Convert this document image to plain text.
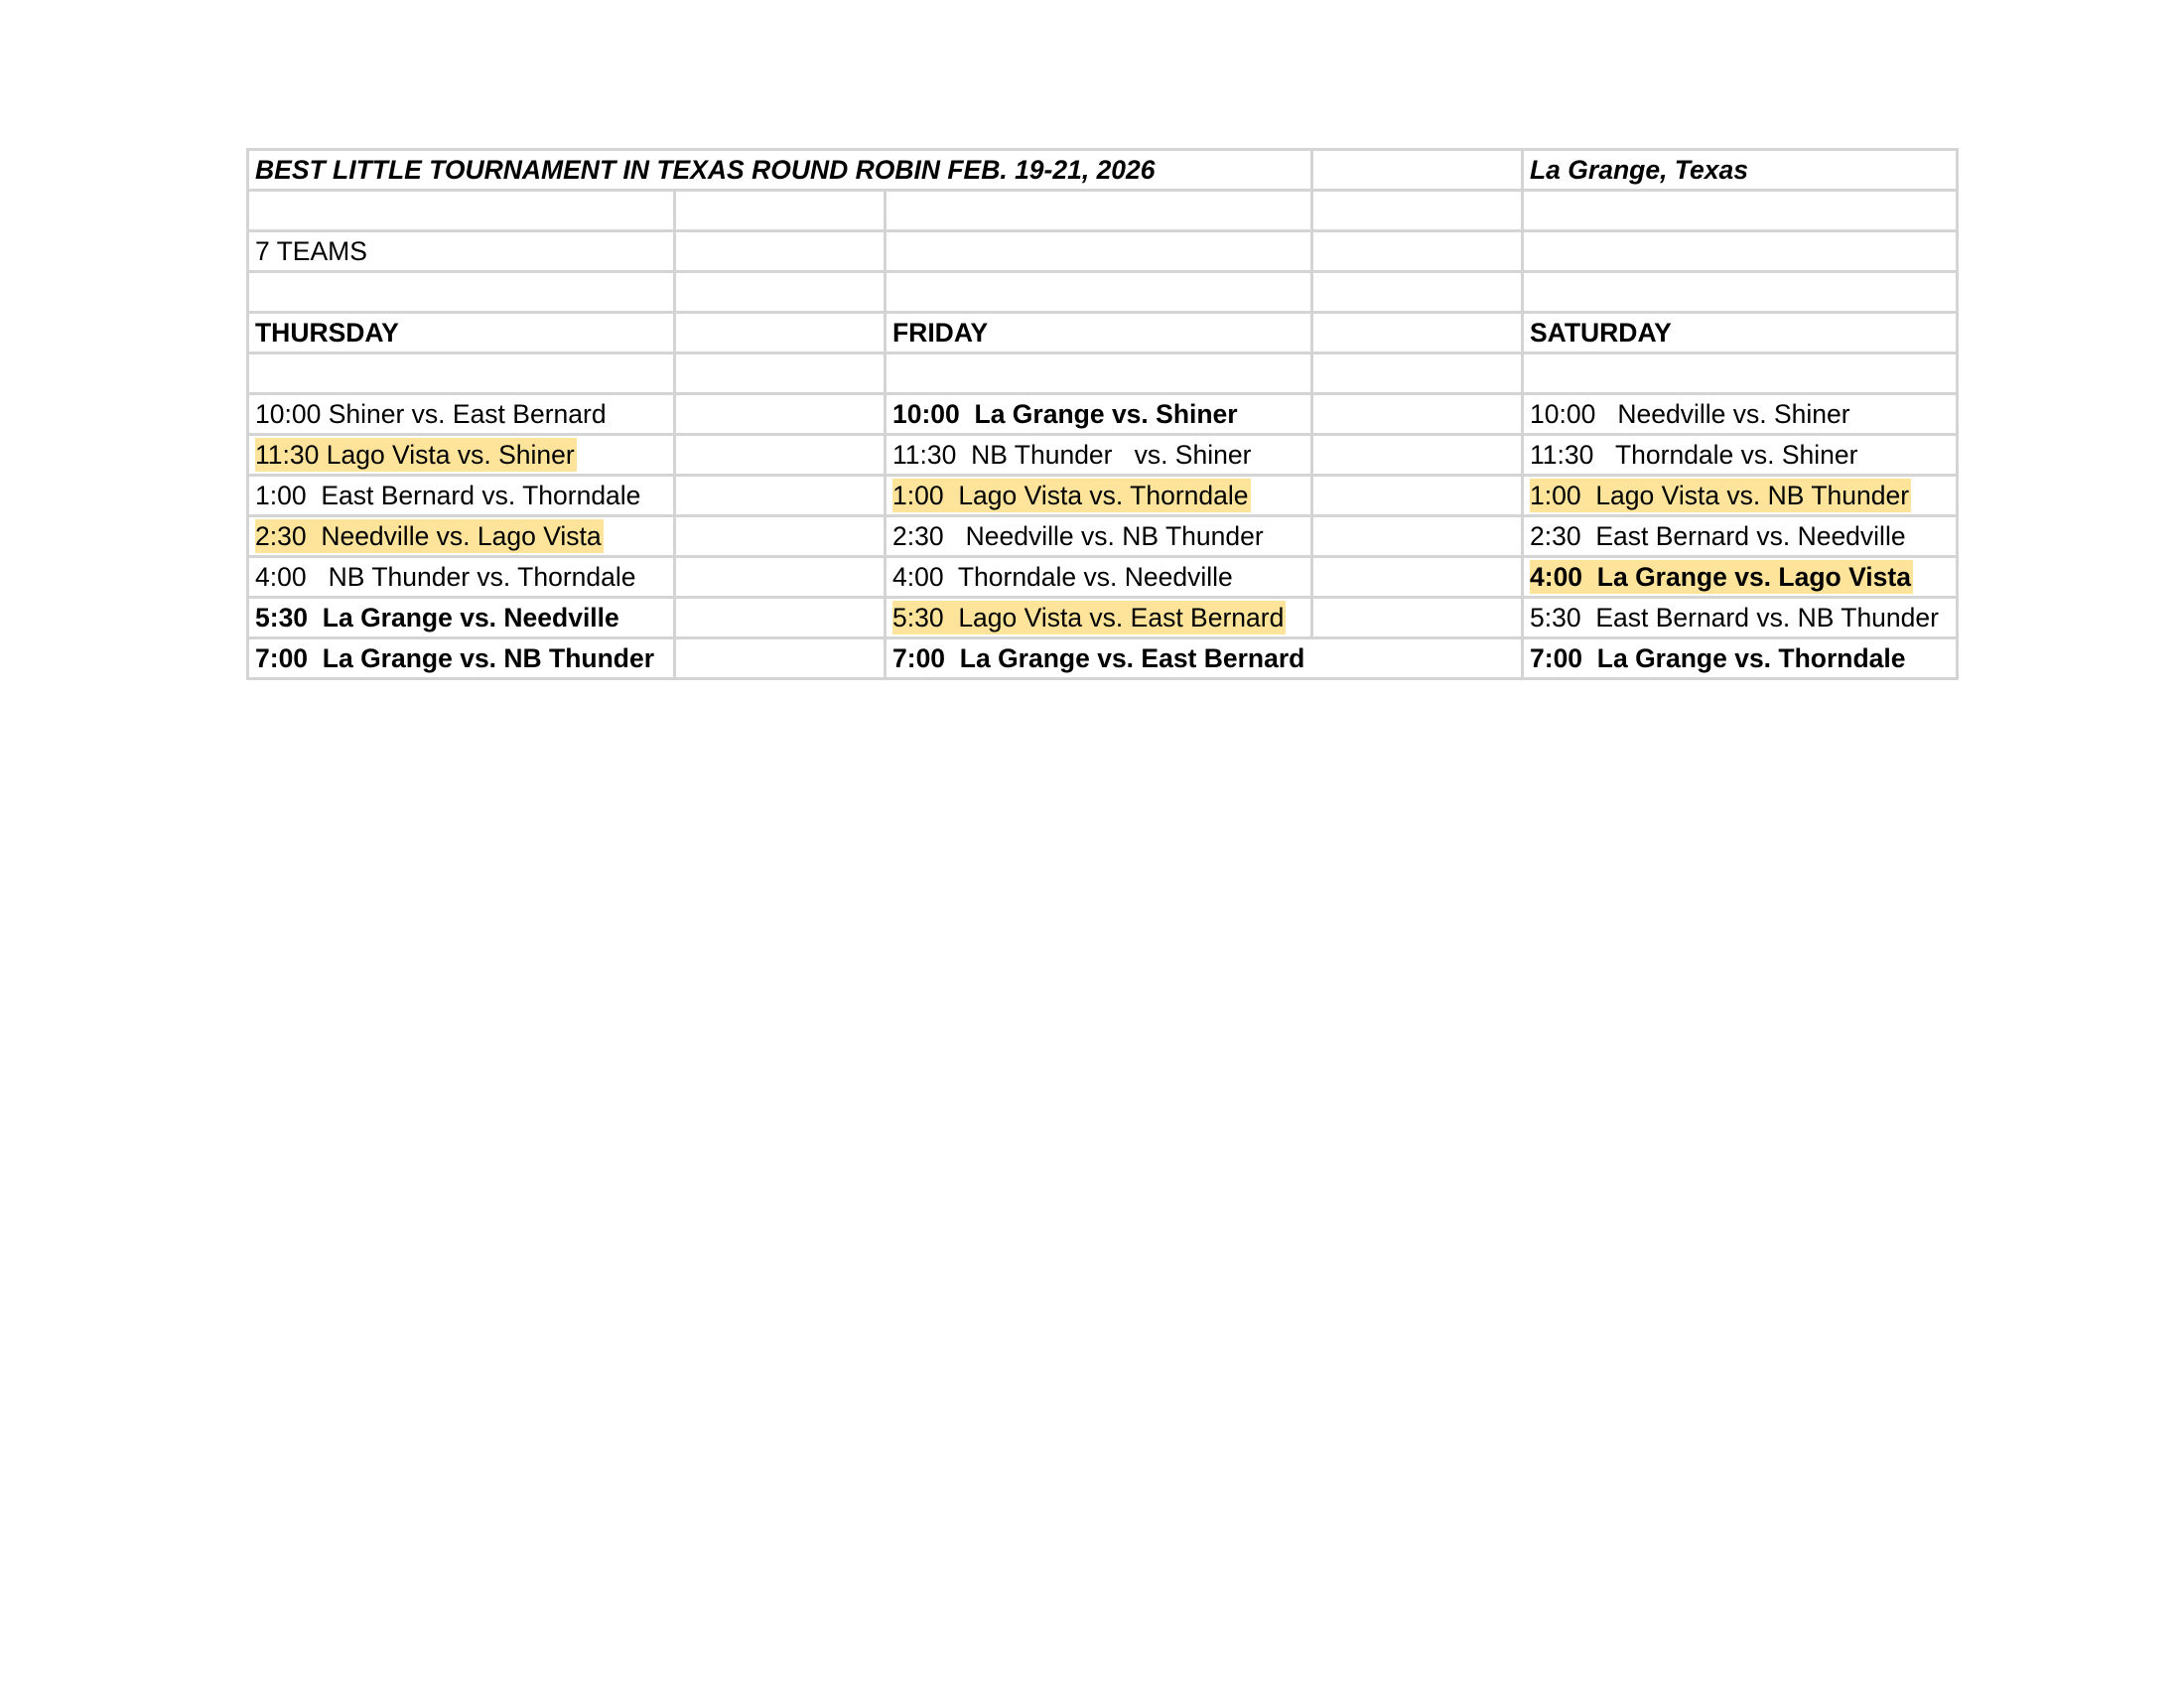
BEST LITTLE TOURNAMENT IN TEXAS ROUND ROBIN FEB. 19-21, 2026				La Grange, Texas

7 TEAMS				

THURSDAY		FRIDAY		SATURDAY

10:00 Shiner vs. East Bernard		10:00 La Grange vs. Shiner		10:00 Needville vs. Shiner
11:30 Lago Vista vs. Shiner		11:30 NB Thunder   vs. Shiner		11:30 Thorndale vs. Shiner
1:00 East Bernard vs. Thorndale		1:00 Lago Vista vs. Thorndale		1:00 Lago Vista vs. NB Thunder
2:30 Needville vs. Lago Vista		2:30 Needville vs. NB Thunder		2:30 East Bernard vs. Needville
4:00 NB Thunder vs. Thorndale		4:00 Thorndale vs. Needville		4:00 La Grange vs. Lago Vista
5:30 La Grange vs. Needville		5:30 Lago Vista vs. East Bernard		5:30 East Bernard vs. NB Thunder
7:00 La Grange vs. NB Thunder		7:00 La Grange vs. East Bernard		7:00 La Grange vs. Thorndale
